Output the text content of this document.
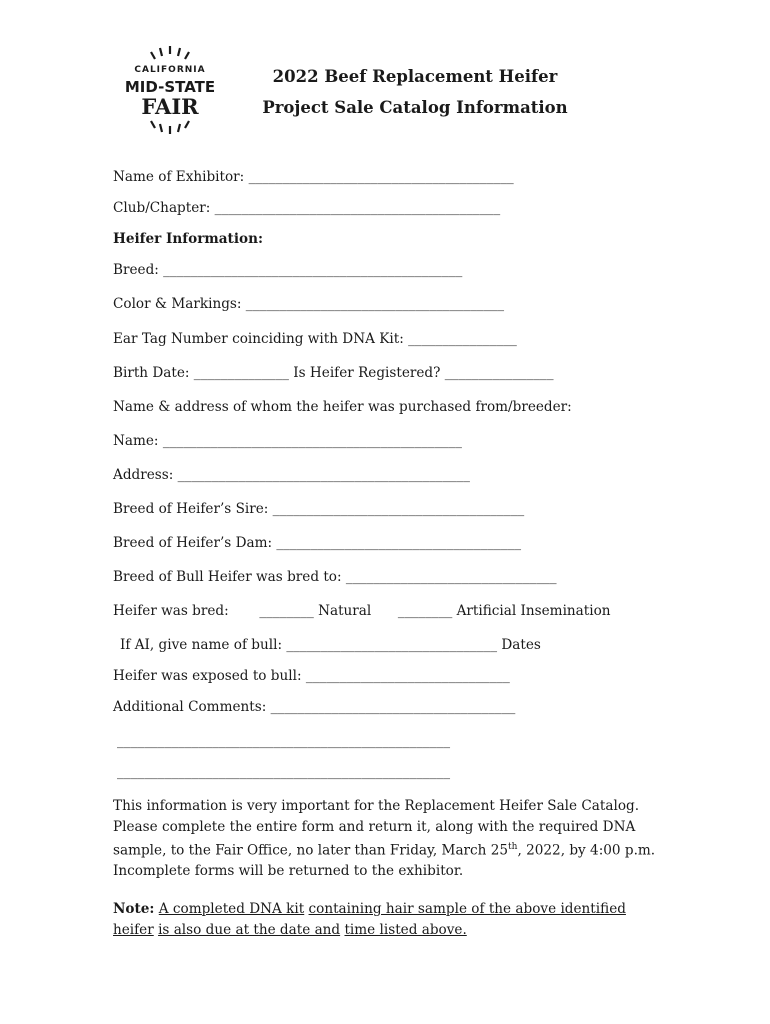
CALIFORNIA
MID-STATE
FAIR
2022 Beef Replacement Heifer
Project Sale Catalog Information
Name of Exhibitor: _______________________________________
Club/Chapter: __________________________________________
Heifer Information:
Breed: ____________________________________________
Color & Markings: ______________________________________
Ear Tag Number coinciding with DNA Kit: ________________
Birth Date: ______________ Is Heifer Registered? ________________
Name & address of whom the heifer was purchased from/breeder:
Name: ____________________________________________
Address: ___________________________________________
Breed of Heifer’s Sire: _____________________________________
Breed of Heifer’s Dam: ____________________________________
Breed of Bull Heifer was bred to: _______________________________
Heifer was bred: ________ Natural ________ Artificial Insemination
If AI, give name of bull: _______________________________ Dates
Heifer was exposed to bull: ______________________________
Additional Comments: ____________________________________
_________________________________________________
_________________________________________________
This information is very important for the Replacement Heifer Sale Catalog. Please complete the entire form and return it, along with the required DNA sample, to the Fair Office, no later than Friday, March 25th, 2022, by 4:00 p.m. Incomplete forms will be returned to the exhibitor.
Note: A completed DNA kit containing hair sample of the above identified heifer is also due at the date and time listed above.
